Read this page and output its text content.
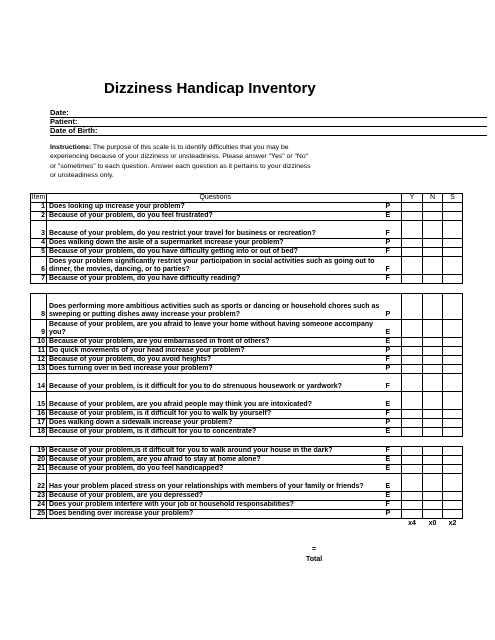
Dizziness Handicap Inventory
Date:
Patient:
Date of Birth:
Instructions: The purpose of this scale is to identify difficulties that you may be
experiencing because of your dizziness or unsteadiness. Please answer "Yes" or "No"
or "sometimes" to each question. Answer each question as it pertains to your dizziness
or unsteadiness only.
Item	Questions		Y	N	S
1	Does looking up increase your problem?	P			
2	Because of your problem, do you feel frustrated?	E			
3	Because of your problem, do you restrict your travel for business or recreation?	F			
4	Does walking down the aisle of a supermarket increase your problem?	P			
5	Because of your problem, do you have difficulty getting into or out of bed?	F			
6	Does your problem significantly restrict your participation in social activities such as going out to dinner, the movies, dancing, or to parties?	F			
7	Because of your problem, do you have difficulty reading?	F			

8	Does performing more ambitious activities such as sports or dancing or household chores such as sweeping or putting dishes away increase your problem?	P			
9	Because of your problem, are you afraid to leave your home without having someone accompany you?	E			
10	Because of your problem, are you embarrassed in front of others?	E			
11	Do quick movements of your head increase your problem?	P			
12	Because of your problem, do you avoid heights?	F			
13	Does turning over in bed increase your problem?	P			
14	Because of your problem, is it difficult for you to do strenuous housework or yardwork?	F			
15	Because of your problem, are you afraid people may think you are intoxicated?	E			
16	Because of your problem, is it difficult for you to walk by yourself?	F			
17	Does walking down a sidewalk increase your problem?	P			
18	Because of your problem, is it difficult for you to concentrate?	E			

19	Because of your problem,is it difficult for you to walk around your house in the dark?	F			
20	Because of your problem, are you afraid to stay at home alone?	E			
21	Because of your problem, do you feel handicapped?	E			
22	Has your problem placed stress on your relationships with members of your family or friends?	E			
23	Because of your problem, are you depressed?	E			
24	Does your problem interfere with your job or household responsabilities?	F			
25	Does bending over increase your problem?	P			
			x4	x0	x2
=
Total
